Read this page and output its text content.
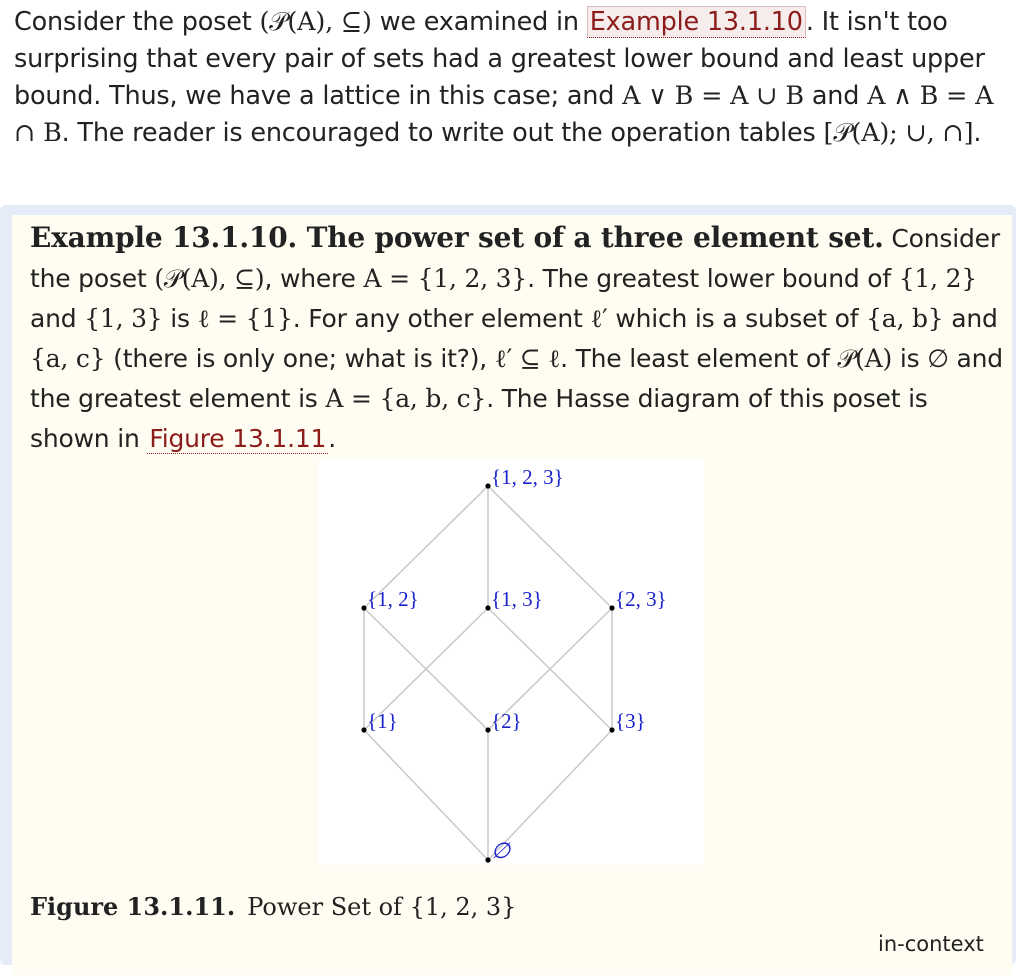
Consider the poset (𝒫(A), ⊆) we examined in Example 13.1.10 . It isn't too surprising that every pair of sets had a greatest lower bound and least upper bound. Thus, we have a lattice in this case; and A ∨ B = A ∪ B and A ∧ B = A ∩ B. The reader is encouraged to write out the operation tables [𝒫(A); ∪, ∩].

Example 13.1.10. The power set of a three element set. Consider the poset (𝒫(A), ⊆), where A = {1, 2, 3}. The greatest lower bound of {1, 2} and {1, 3} is ℓ = {1}. For any other element ℓ′ which is a subset of {a, b} and {a, c} (there is only one; what is it?), ℓ′ ⊆ ℓ. The least element of 𝒫(A) is ∅ and the greatest element is A = {a, b, c}. The Hasse diagram of this poset is shown in Figure 13.1.11.

{1, 2, 3}
{1, 2}	{1, 3}	{2, 3}
{1}	{2}	{3}
∅

Figure 13.1.11. Power Set of {1, 2, 3}

in-context
